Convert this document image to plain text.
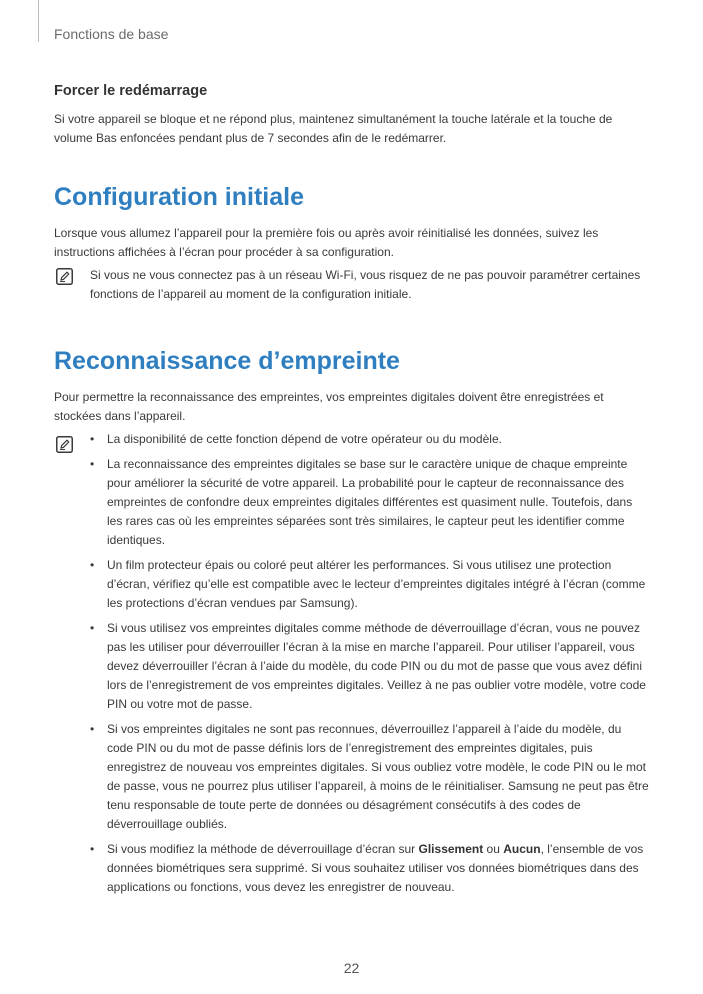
Fonctions de base
Forcer le redémarrage

Si votre appareil se bloque et ne répond plus, maintenez simultanément la touche latérale et la touche de volume Bas enfoncées pendant plus de 7 secondes afin de le redémarrer.

Configuration initiale

Lorsque vous allumez l’appareil pour la première fois ou après avoir réinitialisé les données, suivez les instructions affichées à l’écran pour procéder à sa configuration.

Si vous ne vous connectez pas à un réseau Wi-Fi, vous risquez de ne pas pouvoir paramétrer certaines fonctions de l’appareil au moment de la configuration initiale.

Reconnaissance d’empreinte

Pour permettre la reconnaissance des empreintes, vos empreintes digitales doivent être enregistrées et stockées dans l’appareil.

• La disponibilité de cette fonction dépend de votre opérateur ou du modèle.
• La reconnaissance des empreintes digitales se base sur le caractère unique de chaque empreinte pour améliorer la sécurité de votre appareil. La probabilité pour le capteur de reconnaissance des empreintes de confondre deux empreintes digitales différentes est quasiment nulle. Toutefois, dans les rares cas où les empreintes séparées sont très similaires, le capteur peut les identifier comme identiques.
• Un film protecteur épais ou coloré peut altérer les performances. Si vous utilisez une protection d’écran, vérifiez qu’elle est compatible avec le lecteur d’empreintes digitales intégré à l’écran (comme les protections d’écran vendues par Samsung).
• Si vous utilisez vos empreintes digitales comme méthode de déverrouillage d’écran, vous ne pouvez pas les utiliser pour déverrouiller l’écran à la mise en marche l’appareil. Pour utiliser l’appareil, vous devez déverrouiller l’écran à l’aide du modèle, du code PIN ou du mot de passe que vous avez défini lors de l’enregistrement de vos empreintes digitales. Veillez à ne pas oublier votre modèle, votre code PIN ou votre mot de passe.
• Si vos empreintes digitales ne sont pas reconnues, déverrouillez l’appareil à l’aide du modèle, du code PIN ou du mot de passe définis lors de l’enregistrement des empreintes digitales, puis enregistrez de nouveau vos empreintes digitales. Si vous oubliez votre modèle, le code PIN ou le mot de passe, vous ne pourrez plus utiliser l’appareil, à moins de le réinitialiser. Samsung ne peut pas être tenu responsable de toute perte de données ou désagrément consécutifs à des codes de déverrouillage oubliés.
• Si vous modifiez la méthode de déverrouillage d’écran sur Glissement ou Aucun, l’ensemble de vos données biométriques sera supprimé. Si vous souhaitez utiliser vos données biométriques dans des applications ou fonctions, vous devez les enregistrer de nouveau.
22
